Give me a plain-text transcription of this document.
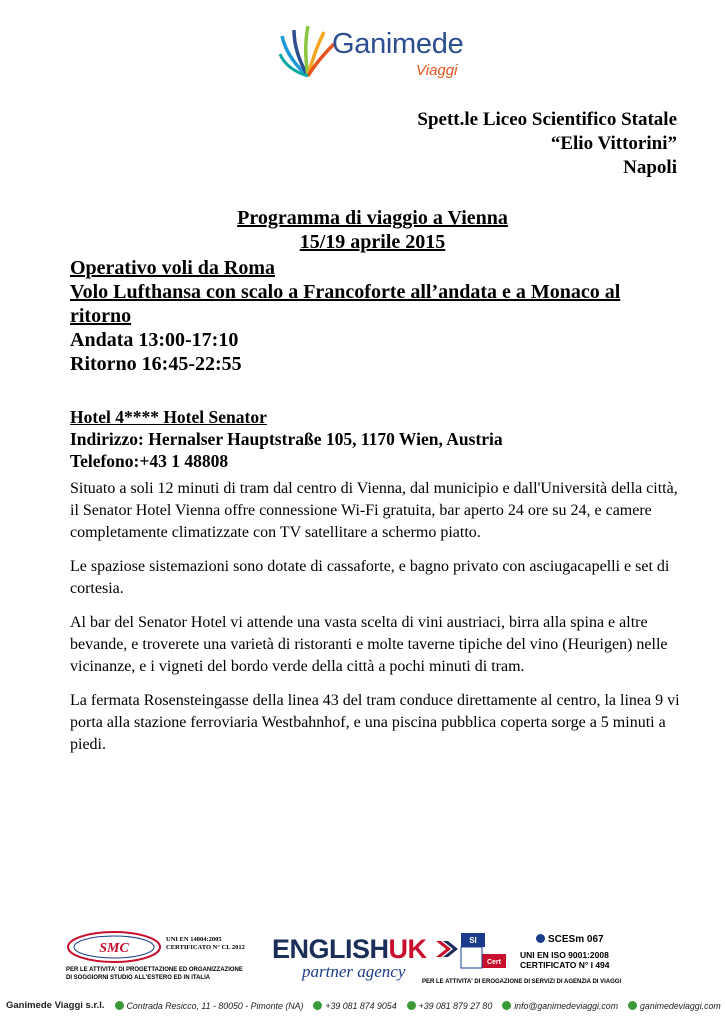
Ganimede
Viaggi
Spett.le Liceo Scientifico Statale
“Elio Vittorini”
Napoli
Programma di viaggio a Vienna
15/19 aprile 2015
Operativo voli da Roma
Volo Lufthansa con scalo a Francoforte all’andata e a Monaco al ritorno
Andata 13:00-17:10
Ritorno 16:45-22:55
Hotel 4**** Hotel Senator
Indirizzo: Hernalser Hauptstraße 105, 1170 Wien, Austria
Telefono:+43 1 48808

Situato a soli 12 minuti di tram dal centro di Vienna, dal municipio e dall'Università della città, il Senator Hotel Vienna offre connessione Wi-Fi gratuita, bar aperto 24 ore su 24, e camere completamente climatizzate con TV satellitare a schermo piatto.

Le spaziose sistemazioni sono dotate di cassaforte, e bagno privato con asciugacapelli e set di cortesia.

Al bar del Senator Hotel vi attende una vasta scelta di vini austriaci, birra alla spina e altre bevande, e troverete una varietà di ristoranti e molte taverne tipiche del vino (Heurigen) nelle vicinanze, e i vigneti del bordo verde della città a pochi minuti di tram.

La fermata Rosensteingasse della linea 43 del tram conduce direttamente al centro, la linea 9 vi porta alla stazione ferroviaria Westbahnhof, e una piscina pubblica coperta sorge a 5 minuti a piedi.

SMC
UNI EN 14804:2005
CERTIFICATO N° CL 2012
PER LE ATTIVITA' DI PROGETTAZIONE ED ORGANIZZAZIONE
DI SOGGIORNI STUDIO ALL'ESTERO ED IN ITALIA
ENGLISHUK
partner agency
SI
Cert
SCESm 067
UNI EN ISO 9001:2008
CERTIFICATO N° I 494
PER LE ATTIVITA' DI EROGAZIONE DI SERVIZI DI AGENZIA DI VIAGGI
Ganimede Viaggi s.r.l.	Contrada Resicco, 11 - 80050 - Pimonte (NA)	+39 081 874 9054	+39 081 879 27 80	info@ganimedeviaggi.com	ganimedeviaggi.com
